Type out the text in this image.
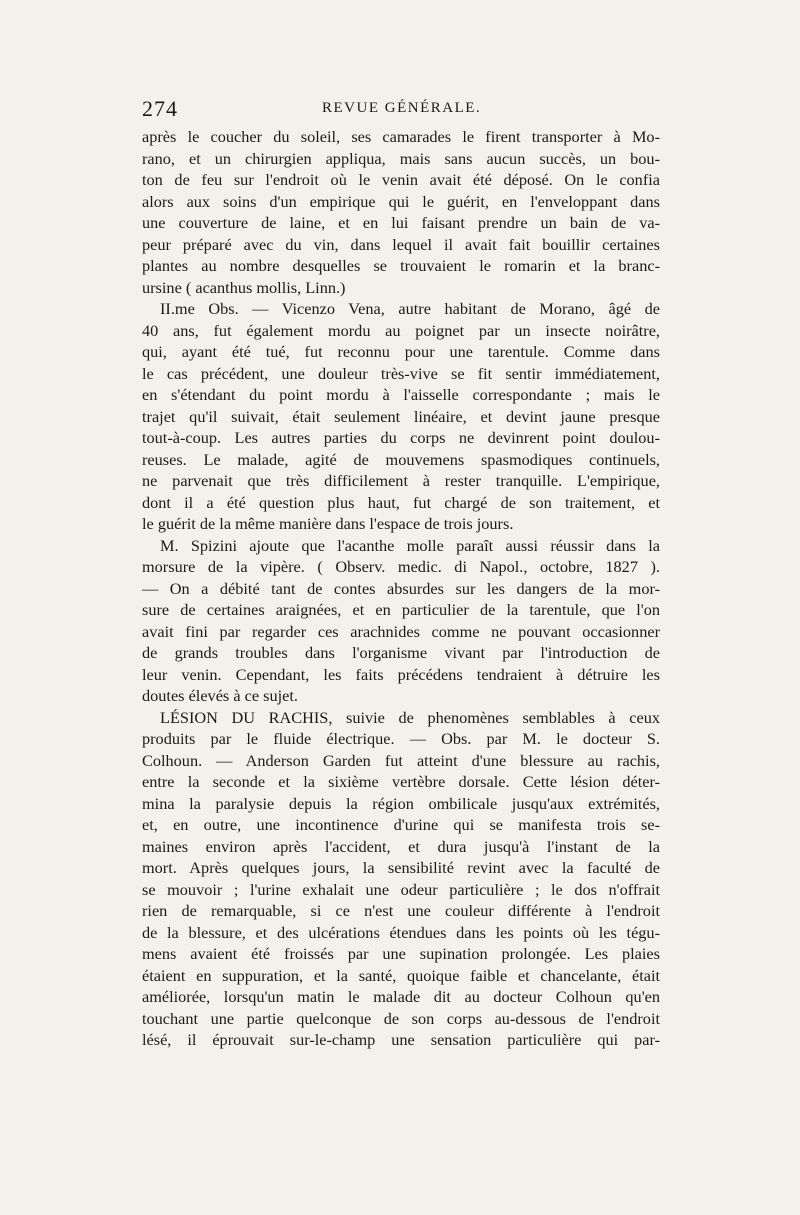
274	REVUE GÉNÉRALE.
après le coucher du soleil, ses camarades le firent transporter à Mo-
rano, et un chirurgien appliqua, mais sans aucun succès, un bou-
ton de feu sur l'endroit où le venin avait été déposé. On le confia
alors aux soins d'un empirique qui le guérit, en l'enveloppant dans
une couverture de laine, et en lui faisant prendre un bain de va-
peur préparé avec du vin, dans lequel il avait fait bouillir certaines
plantes au nombre desquelles se trouvaient le romarin et la branc-
ursine ( acanthus mollis, Linn.)
II.me Obs. — Vicenzo Vena, autre habitant de Morano, âgé de
40 ans, fut également mordu au poignet par un insecte noirâtre,
qui, ayant été tué, fut reconnu pour une tarentule. Comme dans
le cas précédent, une douleur très-vive se fit sentir immédiatement,
en s'étendant du point mordu à l'aisselle correspondante ; mais le
trajet qu'il suivait, était seulement linéaire, et devint jaune presque
tout-à-coup. Les autres parties du corps ne devinrent point doulou-
reuses. Le malade, agité de mouvemens spasmodiques continuels,
ne parvenait que très difficilement à rester tranquille. L'empirique,
dont il a été question plus haut, fut chargé de son traitement, et
le guérit de la même manière dans l'espace de trois jours.
M. Spizini ajoute que l'acanthe molle paraît aussi réussir dans la
morsure de la vipère. ( Observ. medic. di Napol., octobre, 1827 ).
— On a débité tant de contes absurdes sur les dangers de la mor-
sure de certaines araignées, et en particulier de la tarentule, que l'on
avait fini par regarder ces arachnides comme ne pouvant occasionner
de grands troubles dans l'organisme vivant par l'introduction de
leur venin. Cependant, les faits précédens tendraient à détruire les
doutes élevés à ce sujet.
LÉSION DU RACHIS, suivie de phenomènes semblables à ceux
produits par le fluide électrique. — Obs. par M. le docteur S.
Colhoun. — Anderson Garden fut atteint d'une blessure au rachis,
entre la seconde et la sixième vertèbre dorsale. Cette lésion déter-
mina la paralysie depuis la région ombilicale jusqu'aux extrémités,
et, en outre, une incontinence d'urine qui se manifesta trois se-
maines environ après l'accident, et dura jusqu'à l'instant de la
mort. Après quelques jours, la sensibilité revint avec la faculté de
se mouvoir ; l'urine exhalait une odeur particulière ; le dos n'offrait
rien de remarquable, si ce n'est une couleur différente à l'endroit
de la blessure, et des ulcérations étendues dans les points où les tégu-
mens avaient été froissés par une supination prolongée. Les plaies
étaient en suppuration, et la santé, quoique faible et chancelante, était
améliorée, lorsqu'un matin le malade dit au docteur Colhoun qu'en
touchant une partie quelconque de son corps au-dessous de l'endroit
lésé, il éprouvait sur-le-champ une sensation particulière qui par-
